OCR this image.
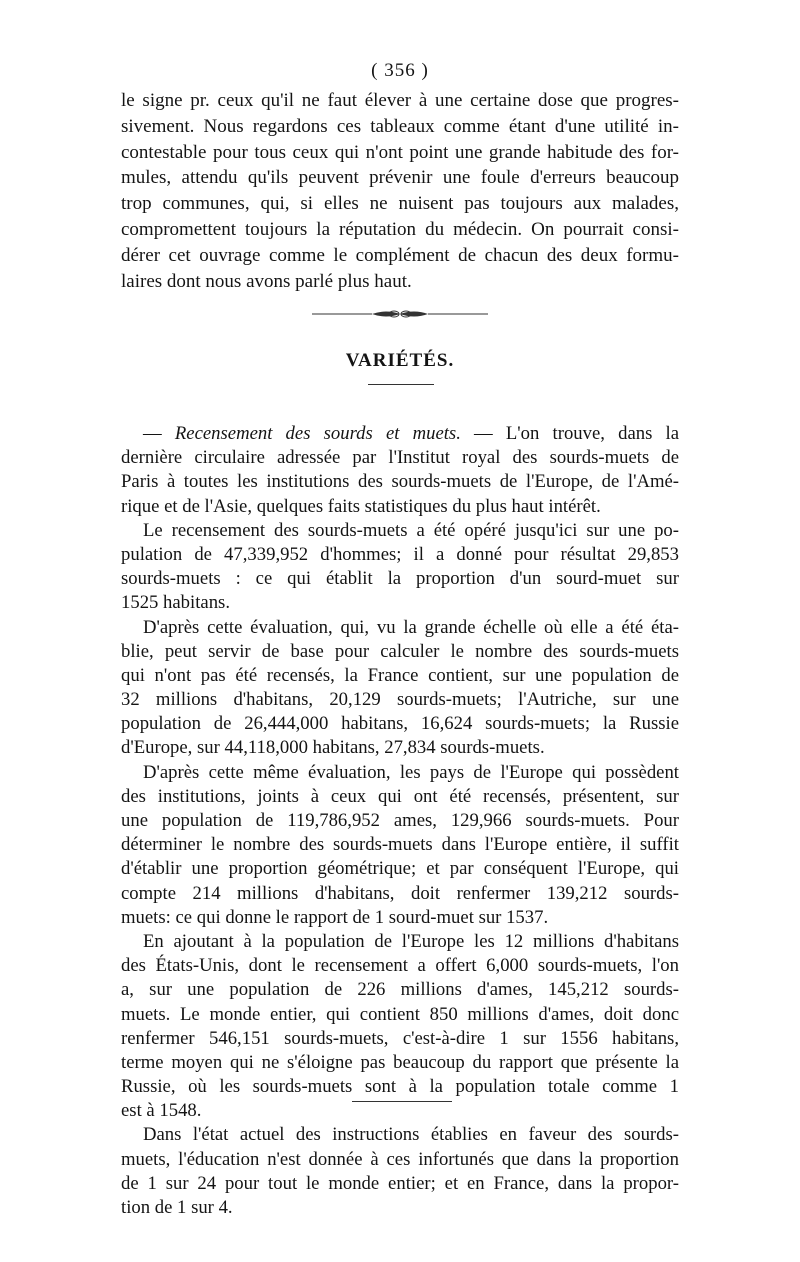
( 356 )
le signe pr. ceux qu'il ne faut élever à une certaine dose que progres-
sivement. Nous regardons ces tableaux comme étant d'une utilité in-
contestable pour tous ceux qui n'ont point une grande habitude des for-
mules, attendu qu'ils peuvent prévenir une foule d'erreurs beaucoup
trop communes, qui, si elles ne nuisent pas toujours aux malades,
compromettent toujours la réputation du médecin. On pourrait consi-
dérer cet ouvrage comme le complément de chacun des deux formu-
laires dont nous avons parlé plus haut.
VARIÉTÉS.
— Recensement des sourds et muets. — L'on trouve, dans la
dernière circulaire adressée par l'Institut royal des sourds-muets de
Paris à toutes les institutions des sourds-muets de l'Europe, de l'Amé-
rique et de l'Asie, quelques faits statistiques du plus haut intérêt.
Le recensement des sourds-muets a été opéré jusqu'ici sur une po-
pulation de 47,339,952 d'hommes; il a donné pour résultat 29,853
sourds-muets : ce qui établit la proportion d'un sourd-muet sur
1525 habitans.
D'après cette évaluation, qui, vu la grande échelle où elle a été éta-
blie, peut servir de base pour calculer le nombre des sourds-muets
qui n'ont pas été recensés, la France contient, sur une population de
32 millions d'habitans, 20,129 sourds-muets; l'Autriche, sur une
population de 26,444,000 habitans, 16,624 sourds-muets; la Russie
d'Europe, sur 44,118,000 habitans, 27,834 sourds-muets.
D'après cette même évaluation, les pays de l'Europe qui possèdent
des institutions, joints à ceux qui ont été recensés, présentent, sur
une population de 119,786,952 ames, 129,966 sourds-muets. Pour
déterminer le nombre des sourds-muets dans l'Europe entière, il suffit
d'établir une proportion géométrique; et par conséquent l'Europe, qui
compte 214 millions d'habitans, doit renfermer 139,212 sourds-
muets: ce qui donne le rapport de 1 sourd-muet sur 1537.
En ajoutant à la population de l'Europe les 12 millions d'habitans
des États-Unis, dont le recensement a offert 6,000 sourds-muets, l'on
a, sur une population de 226 millions d'ames, 145,212 sourds-
muets. Le monde entier, qui contient 850 millions d'ames, doit donc
renfermer 546,151 sourds-muets, c'est-à-dire 1 sur 1556 habitans,
terme moyen qui ne s'éloigne pas beaucoup du rapport que présente la
Russie, où les sourds-muets sont à la population totale comme 1
est à 1548.
Dans l'état actuel des instructions établies en faveur des sourds-
muets, l'éducation n'est donnée à ces infortunés que dans la proportion
de 1 sur 24 pour tout le monde entier; et en France, dans la propor-
tion de 1 sur 4.
